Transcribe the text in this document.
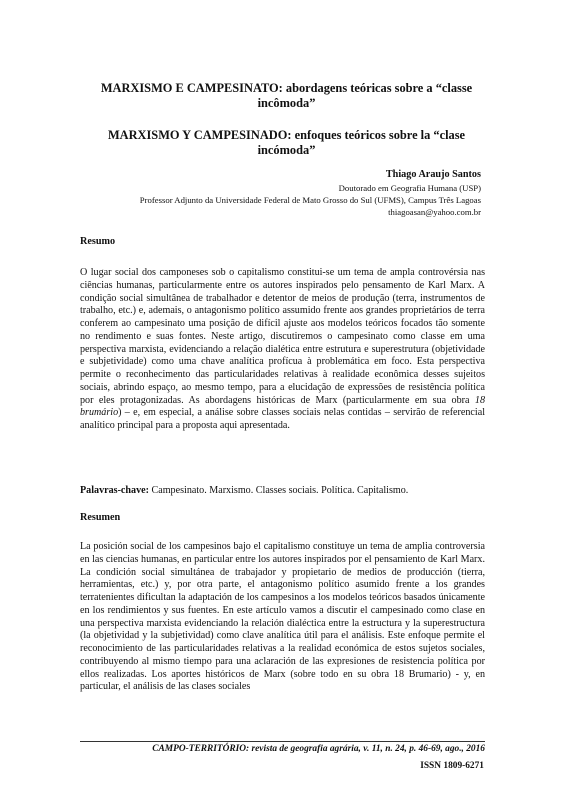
MARXISMO E CAMPESINATO: abordagens teóricas sobre a “classe incômoda”
MARXISMO Y CAMPESINADO: enfoques teóricos sobre la “clase incómoda”
Thiago Araujo Santos
Doutorado em Geografia Humana (USP)
Professor Adjunto da Universidade Federal de Mato Grosso do Sul (UFMS), Campus Três Lagoas
thiagoasan@yahoo.com.br
Resumo

O lugar social dos camponeses sob o capitalismo constitui-se um tema de ampla controvérsia nas ciências humanas, particularmente entre os autores inspirados pelo pensamento de Karl Marx. A condição social simultânea de trabalhador e detentor de meios de produção (terra, instrumentos de trabalho, etc.) e, ademais, o antagonismo político assumido frente aos grandes proprietários de terra conferem ao campesinato uma posição de difícil ajuste aos modelos teóricos focados tão somente no rendimento e suas fontes. Neste artigo, discutiremos o campesinato como classe em uma perspectiva marxista, evidenciando a relação dialética entre estrutura e superestrutura (objetividade e subjetividade) como uma chave analítica profícua à problemática em foco. Esta perspectiva permite o reconhecimento das particularidades relativas à realidade econômica desses sujeitos sociais, abrindo espaço, ao mesmo tempo, para a elucidação de expressões de resistência política por eles protagonizadas. As abordagens históricas de Marx (particularmente em sua obra 18 brumário) – e, em especial, a análise sobre classes sociais nelas contidas – servirão de referencial analítico principal para a proposta aqui apresentada.

Palavras-chave: Campesinato. Marxismo. Classes sociais. Política. Capitalismo.
Resumen

La posición social de los campesinos bajo el capitalismo constituye un tema de amplia controversia en las ciencias humanas, en particular entre los autores inspirados por el pensamiento de Karl Marx. La condición social simultánea de trabajador y propietario de medios de producción (tierra, herramientas, etc.) y, por otra parte, el antagonismo político asumido frente a los grandes terratenientes dificultan la adaptación de los campesinos a los modelos teóricos basados únicamente en los rendimientos y sus fuentes. En este artículo vamos a discutir el campesinado como clase en una perspectiva marxista evidenciando la relación dialéctica entre la estructura y la superestructura (la objetividad y la subjetividad) como clave analítica útil para el análisis. Este enfoque permite el reconocimiento de las particularidades relativas a la realidad económica de estos sujetos sociales, contribuyendo al mismo tiempo para una aclaración de las expresiones de resistencia política por ellos realizadas. Los aportes históricos de Marx (sobre todo en su obra 18 Brumario) - y, en particular, el análisis de las clases sociales

CAMPO-TERRITÓRIO: revista de geografia agrária, v. 11, n. 24, p. 46-69, ago., 2016
ISSN 1809-6271
